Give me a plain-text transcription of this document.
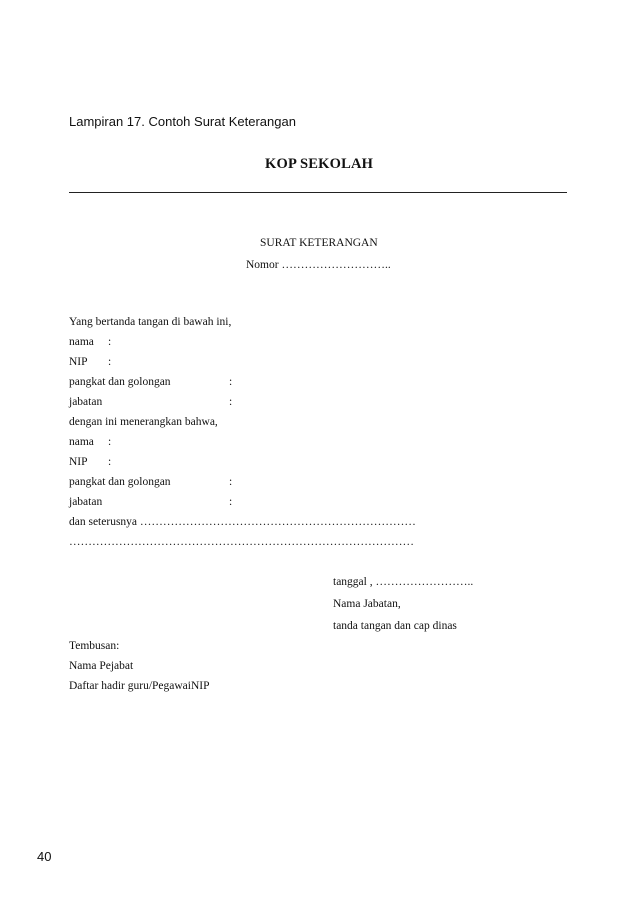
Lampiran 17. Contoh Surat Keterangan
KOP SEKOLAH
SURAT KETERANGAN
Nomor ………………………..
Yang bertanda tangan di bawah ini,
nama :
NIP :
pangkat dan golongan	:
jabatan	:
dengan ini menerangkan bahwa,
nama :
NIP :
pangkat dan golongan	:
jabatan	:
dan seterusnya ………………………………………………………………
………………………………………………………………………………
tanggal , ……………………..
Nama Jabatan,
tanda tangan dan cap dinas
Tembusan:
Nama Pejabat
Daftar hadir guru/PegawaiNIP
40
